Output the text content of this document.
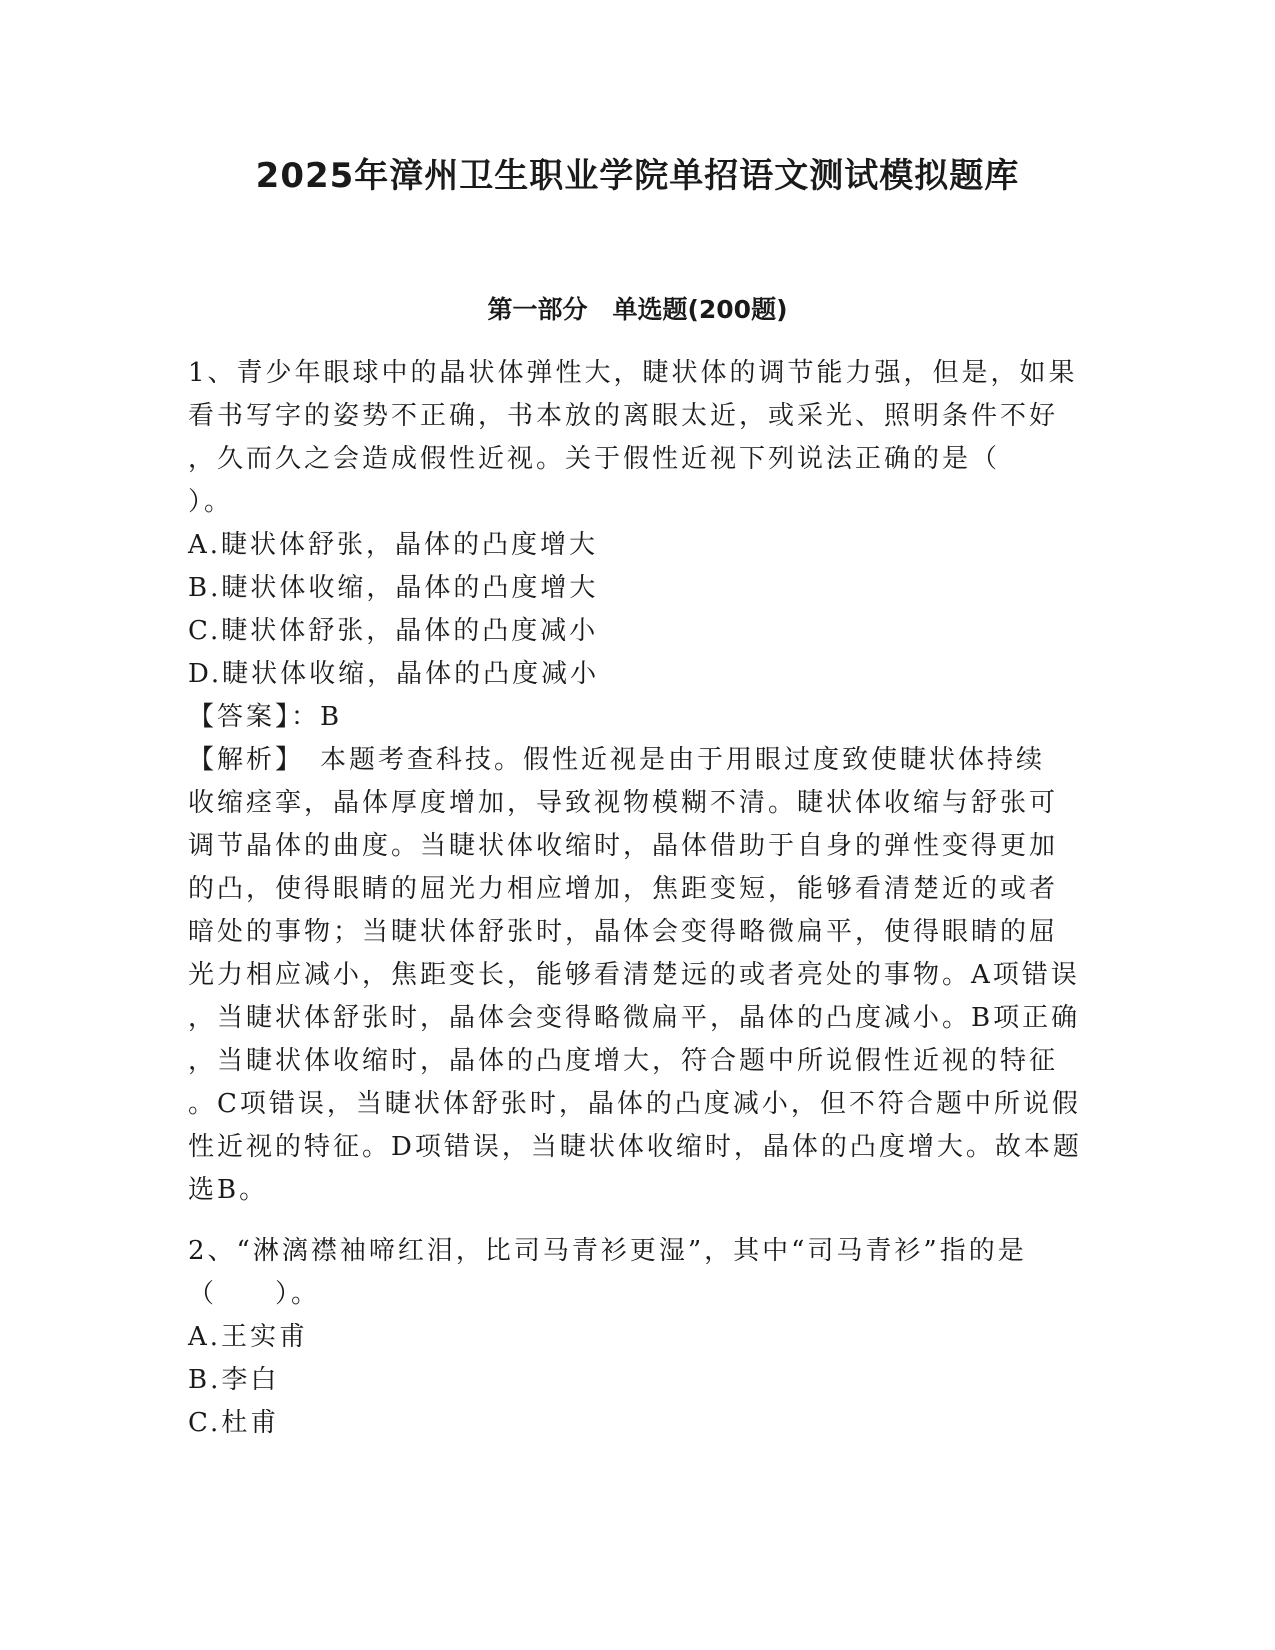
2025年漳州卫生职业学院单招语文测试模拟题库
第一部分　单选题(200题)
1、青少年眼球中的晶状体弹性大，睫状体的调节能力强，但是，如果
看书写字的姿势不正确，书本放的离眼太近，或采光、照明条件不好
，久而久之会造成假性近视。关于假性近视下列说法正确的是（
）。
A.睫状体舒张，晶体的凸度增大
B.睫状体收缩，晶体的凸度增大
C.睫状体舒张，晶体的凸度减小
D.睫状体收缩，晶体的凸度减小
【答案】：B
【解析】　本题考查科技。假性近视是由于用眼过度致使睫状体持续
收缩痉挛，晶体厚度增加，导致视物模糊不清。睫状体收缩与舒张可
调节晶体的曲度。当睫状体收缩时，晶体借助于自身的弹性变得更加
的凸，使得眼睛的屈光力相应增加，焦距变短，能够看清楚近的或者
暗处的事物；当睫状体舒张时，晶体会变得略微扁平，使得眼睛的屈
光力相应减小，焦距变长，能够看清楚远的或者亮处的事物。A项错误
，当睫状体舒张时，晶体会变得略微扁平，晶体的凸度减小。B项正确
，当睫状体收缩时，晶体的凸度增大，符合题中所说假性近视的特征
。C项错误，当睫状体舒张时，晶体的凸度减小，但不符合题中所说假
性近视的特征。D项错误，当睫状体收缩时，晶体的凸度增大。故本题
选B。
2、“淋漓襟袖啼红泪，比司马青衫更湿”，其中“司马青衫”指的是
（　　）。
A.王实甫
B.李白
C.杜甫
